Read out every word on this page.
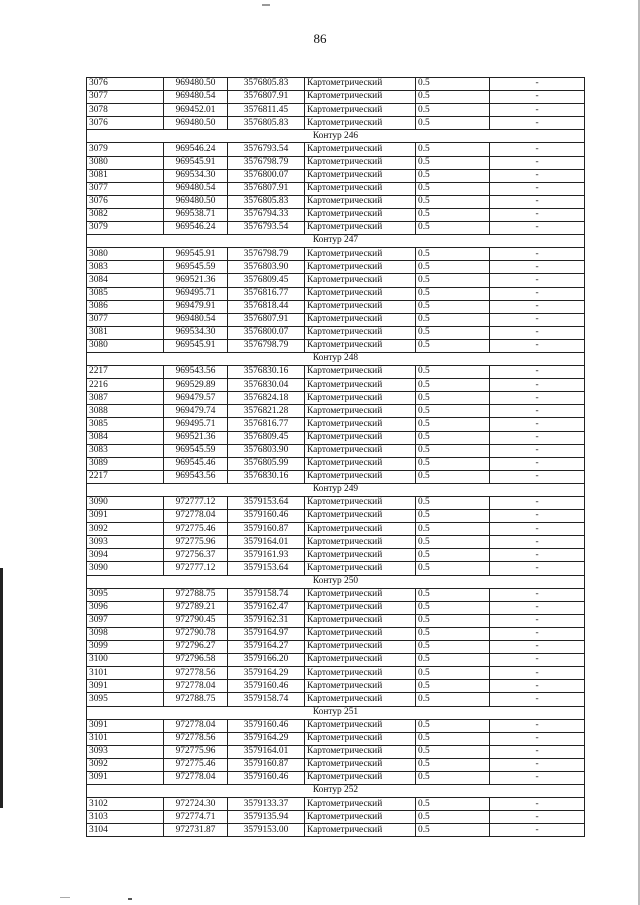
86
3076	969480.50	3576805.83	Картометрический	0.5	-
3077	969480.54	3576807.91	Картометрический	0.5	-
3078	969452.01	3576811.45	Картометрический	0.5	-
3076	969480.50	3576805.83	Картометрический	0.5	-
Контур 246					
3079	969546.24	3576793.54	Картометрический	0.5	-
3080	969545.91	3576798.79	Картометрический	0.5	-
3081	969534.30	3576800.07	Картометрический	0.5	-
3077	969480.54	3576807.91	Картометрический	0.5	-
3076	969480.50	3576805.83	Картометрический	0.5	-
3082	969538.71	3576794.33	Картометрический	0.5	-
3079	969546.24	3576793.54	Картометрический	0.5	-
Контур 247					
3080	969545.91	3576798.79	Картометрический	0.5	-
3083	969545.59	3576803.90	Картометрический	0.5	-
3084	969521.36	3576809.45	Картометрический	0.5	-
3085	969495.71	3576816.77	Картометрический	0.5	-
3086	969479.91	3576818.44	Картометрический	0.5	-
3077	969480.54	3576807.91	Картометрический	0.5	-
3081	969534.30	3576800.07	Картометрический	0.5	-
3080	969545.91	3576798.79	Картометрический	0.5	-
Контур 248					
2217	969543.56	3576830.16	Картометрический	0.5	-
2216	969529.89	3576830.04	Картометрический	0.5	-
3087	969479.57	3576824.18	Картометрический	0.5	-
3088	969479.74	3576821.28	Картометрический	0.5	-
3085	969495.71	3576816.77	Картометрический	0.5	-
3084	969521.36	3576809.45	Картометрический	0.5	-
3083	969545.59	3576803.90	Картометрический	0.5	-
3089	969545.46	3576805.99	Картометрический	0.5	-
2217	969543.56	3576830.16	Картометрический	0.5	-
Контур 249					
3090	972777.12	3579153.64	Картометрический	0.5	-
3091	972778.04	3579160.46	Картометрический	0.5	-
3092	972775.46	3579160.87	Картометрический	0.5	-
3093	972775.96	3579164.01	Картометрический	0.5	-
3094	972756.37	3579161.93	Картометрический	0.5	-
3090	972777.12	3579153.64	Картометрический	0.5	-
Контур 250					
3095	972788.75	3579158.74	Картометрический	0.5	-
3096	972789.21	3579162.47	Картометрический	0.5	-
3097	972790.45	3579162.31	Картометрический	0.5	-
3098	972790.78	3579164.97	Картометрический	0.5	-
3099	972796.27	3579164.27	Картометрический	0.5	-
3100	972796.58	3579166.20	Картометрический	0.5	-
3101	972778.56	3579164.29	Картометрический	0.5	-
3091	972778.04	3579160.46	Картометрический	0.5	-
3095	972788.75	3579158.74	Картометрический	0.5	-
Контур 251					
3091	972778.04	3579160.46	Картометрический	0.5	-
3101	972778.56	3579164.29	Картометрический	0.5	-
3093	972775.96	3579164.01	Картометрический	0.5	-
3092	972775.46	3579160.87	Картометрический	0.5	-
3091	972778.04	3579160.46	Картометрический	0.5	-
Контур 252					
3102	972724.30	3579133.37	Картометрический	0.5	-
3103	972774.71	3579135.94	Картометрический	0.5	-
3104	972731.87	3579153.00	Картометрический	0.5	-
